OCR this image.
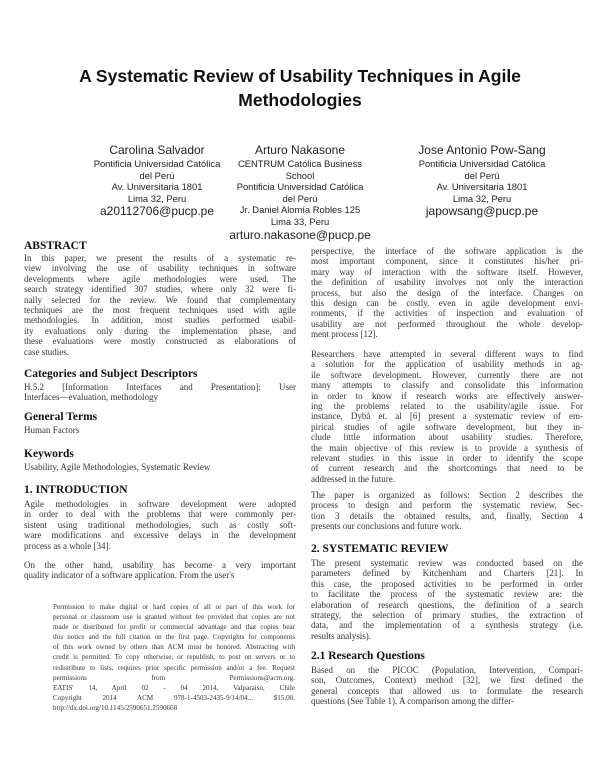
A Systematic Review of Usability Techniques in Agile
Methodologies
Carolina Salvador
Pontificia Universidad Católica
del Perú
Av. Universitaria 1801
Lima 32, Peru
a20112706@pucp.pe
Arturo Nakasone
CENTRUM Católica Business
School
Pontificia Universidad Católica
del Perú
Jr. Daniel Alomía Robles 125
Lima 33, Peru
arturo.nakasone@pucp.pe
Jose Antonio Pow-Sang
Pontificia Universidad Católica
del Perú
Av. Universitaria 1801
Lima 32, Peru
japowsang@pucp.pe
ABSTRACT
In this paper, we present the results of a systematic re-
view involving the use of usability techniques in software
developments where agile methodologies were used. The
search strategy identified 307 studies, where only 32 were fi-
nally selected for the review. We found that complementary
techniques are the most frequent techniques used with agile
methodologies. In addition, most studies performed usabil-
ity evaluations only during the implementation phase, and
these evaluations were mostly constructed as elaborations of
case studies.
Categories and Subject Descriptors
H.5.2 [Information Interfaces and Presentation]: User
Interfaces—evaluation, methodology
General Terms
Human Factors
Keywords
Usability, Agile Methodologies, Systematic Review
1. INTRODUCTION
Agile methodologies in software development were adopted
in order to deal with the problems that were commonly per-
sistent using traditional methodologies, such as costly soft-
ware modifications and excessive delays in the development
process as a whole [34].
On the other hand, usability has become a very important
quality indicator of a software application. From the user's
Permission to make digital or hard copies of all or part of this work for
personal or classroom use is granted without fee provided that copies are not
made or distributed for profit or commercial advantage and that copies bear
this notice and the full citation on the first page. Copyrights for components
of this work owned by others than ACM must be honored. Abstracting with
credit is permitted. To copy otherwise, or republish, to post on servers or to
redistribute to lists, requires prior specific permission and/or a fee. Request
permissions from Permissions@acm.org.
EATIS' 14, April 02 - 04 2014, Valparaiso, Chile
Copyright 2014 ACM 978-1-4503-2435-9/14/04... $15.00.
http://dx.doi.org/10.1145/2590651.2590668
perspective, the interface of the software application is the
most important component, since it constitutes his/her pri-
mary way of interaction with the software itself. However,
the definition of usability involves not only the interaction
process, but also the design of the interface. Changes on
this design can be costly, even in agile development envi-
ronments, if the activities of inspection and evaluation of
usability are not performed throughout the whole develop-
ment process [12].
Researchers have attempted in several different ways to find
a solution for the application of usability methods in ag-
ile software development. However, currently there are not
many attempts to classify and consolidate this information
in order to know if research works are effectively answer-
ing the problems related to the usability/agile issue. For
instance, Dybå et. al [6] present a systematic review of em-
pirical studies of agile software development, but they in-
clude little information about usability studies. Therefore,
the main objective of this review is to provide a synthesis of
relevant studies in this issue in order to identify the scope
of current research and the shortcomings that need to be
addressed in the future.
The paper is organized as follows: Section 2 describes the
process to design and perform the systematic review, Sec-
tion 3 details the obtained results, and, finally, Section 4
presents our conclusions and future work.
2. SYSTEMATIC REVIEW
The present systematic review was conducted based on the
parameters defined by Kitchenham and Charters [21]. In
this case, the proposed activities to be performed in order
to facilitate the process of the systematic review are: the
elaboration of research questions, the definition of a search
strategy, the selection of primary studies, the extraction of
data, and the implementation of a synthesis strategy (i.e.
results analysis).
2.1 Research Questions
Based on the PICOC (Population, Intervention, Compari-
son, Outcomes, Context) method [32], we first defined the
general concepts that allowed us to formulate the research
questions (See Table 1). A comparison among the differ-
